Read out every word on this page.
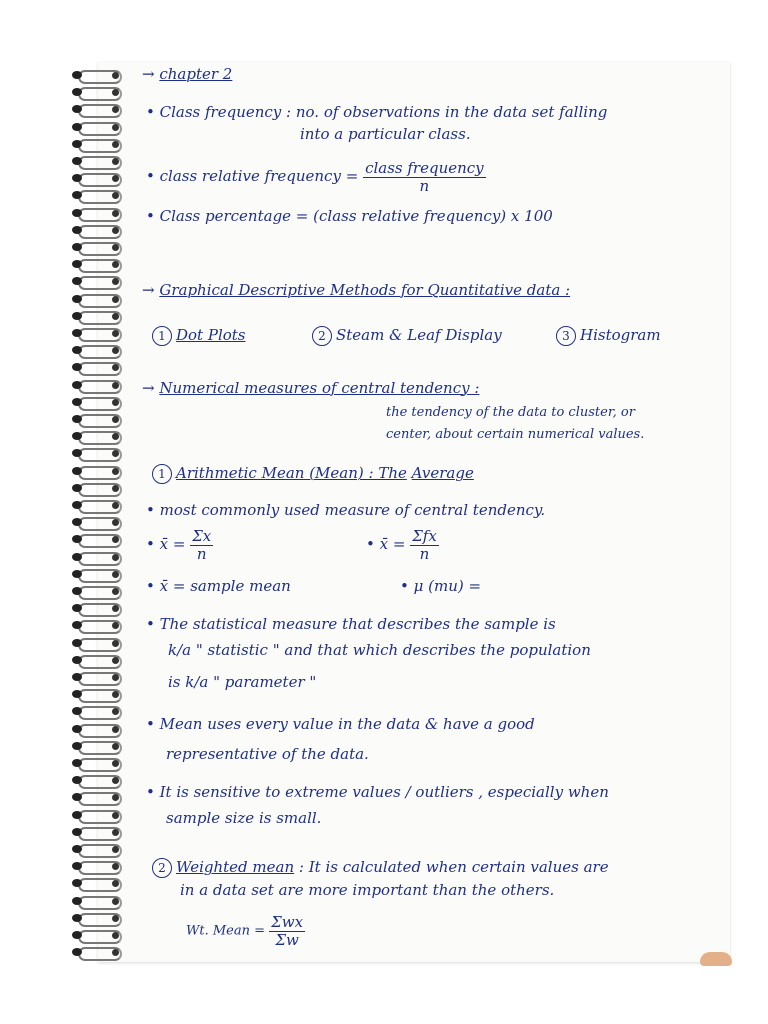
→ chapter 2
• Class frequency : no. of observations in the data set falling
into a particular class.
• class relative frequency = $\frac{\text{class frequency}}{n}$
• Class percentage = (class relative frequency) x 100
→ Graphical Descriptive Methods for Quantitative data :
1 Dot Plots	2 Steam & Leaf Display	3 Histogram
→ Numerical measures of central tendency :
the tendency of the data to cluster, or
center, about certain numerical values.
1 Arithmetic Mean (Mean) : The Average
• most commonly used measure of central tendency.
• x̄ = $\frac{\Sigma x}{n}$	• x̄ = $\frac{\text{Σfx}}{n}$
• x̄ = sample mean	• μ (mu) =
• The statistical measure that describes the sample is
k/a " statistic " and that which describes the population
is k/a " parameter "
• Mean uses every value in the data & have a good
representative of the data.
• It is sensitive to extreme values / outliers , especially when
sample size is small.
2 Weighted mean : It is calculated when certain values are
in a data set are more important than the others.
Wt. Mean = $\frac{\text{Σwx}}{\Sigma w}$
